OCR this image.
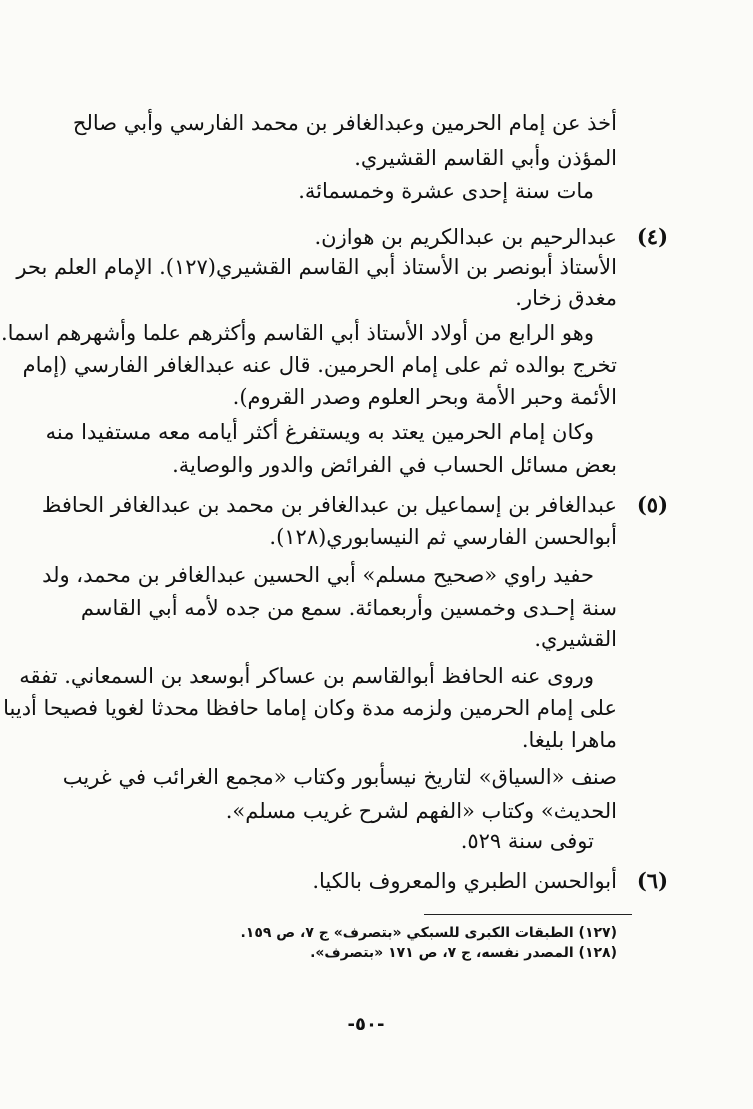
أخذ عن إمام الحرمين وعبدالغافر بن محمد الفارسي وأبي صالح

المؤذن وأبي القاسم القشيري.

مات سنة إحدى عشرة وخمسمائة.

(٤)

عبدالرحيم بن عبدالكريم بن هوازن.

الأستاذ أبونصر بن الأستاذ أبي القاسم القشيري(١٢٧). الإمام العلم بحر

مغدق زخار.

وهو الرابع من أولاد الأستاذ أبي القاسم وأكثرهم علما وأشهرهم اسما.

تخرج بوالده ثم على إمام الحرمين. قال عنه عبدالغافر الفارسي (إمام

الأئمة وحبر الأمة وبحر العلوم وصدر القروم).

وكان إمام الحرمين يعتد به ويستفرغ أكثر أيامه معه مستفيدا منه

بعض مسائل الحساب في الفرائض والدور والوصاية.

(٥)

عبدالغافر بن إسماعيل بن عبدالغافر بن محمد بن عبدالغافر الحافظ

أبوالحسن الفارسي ثم النيسابوري(١٢٨).

حفيد راوي «صحيح مسلم» أبي الحسين عبدالغافر بن محمد، ولد

سنة إحـدى وخمسين وأربعمائة. سمع من جده لأمه أبي القاسم

القشيري.

وروى عنه الحافظ أبوالقاسم بن عساكر أبوسعد بن السمعاني. تفقه

على إمام الحرمين ولزمه مدة وكان إماما حافظا محدثا لغويا فصيحا أديبا

ماهرا بليغا.

صنف «السياق» لتاريخ نيسأبور وكتاب «مجمع الغرائب في غريب

الحديث» وكتاب «الفهم لشرح غريب مسلم».

توفى سنة ٥٢٩.

(٦)

أبوالحسن الطبري والمعروف بالكيا.

(١٢٧) الطبقات الكبرى للسبكي «بتصرف» ج ٧، ص ١٥٩.

(١٢٨) المصدر نفسه، ج ٧، ص ١٧١ «بتصرف».

-٥٠-
